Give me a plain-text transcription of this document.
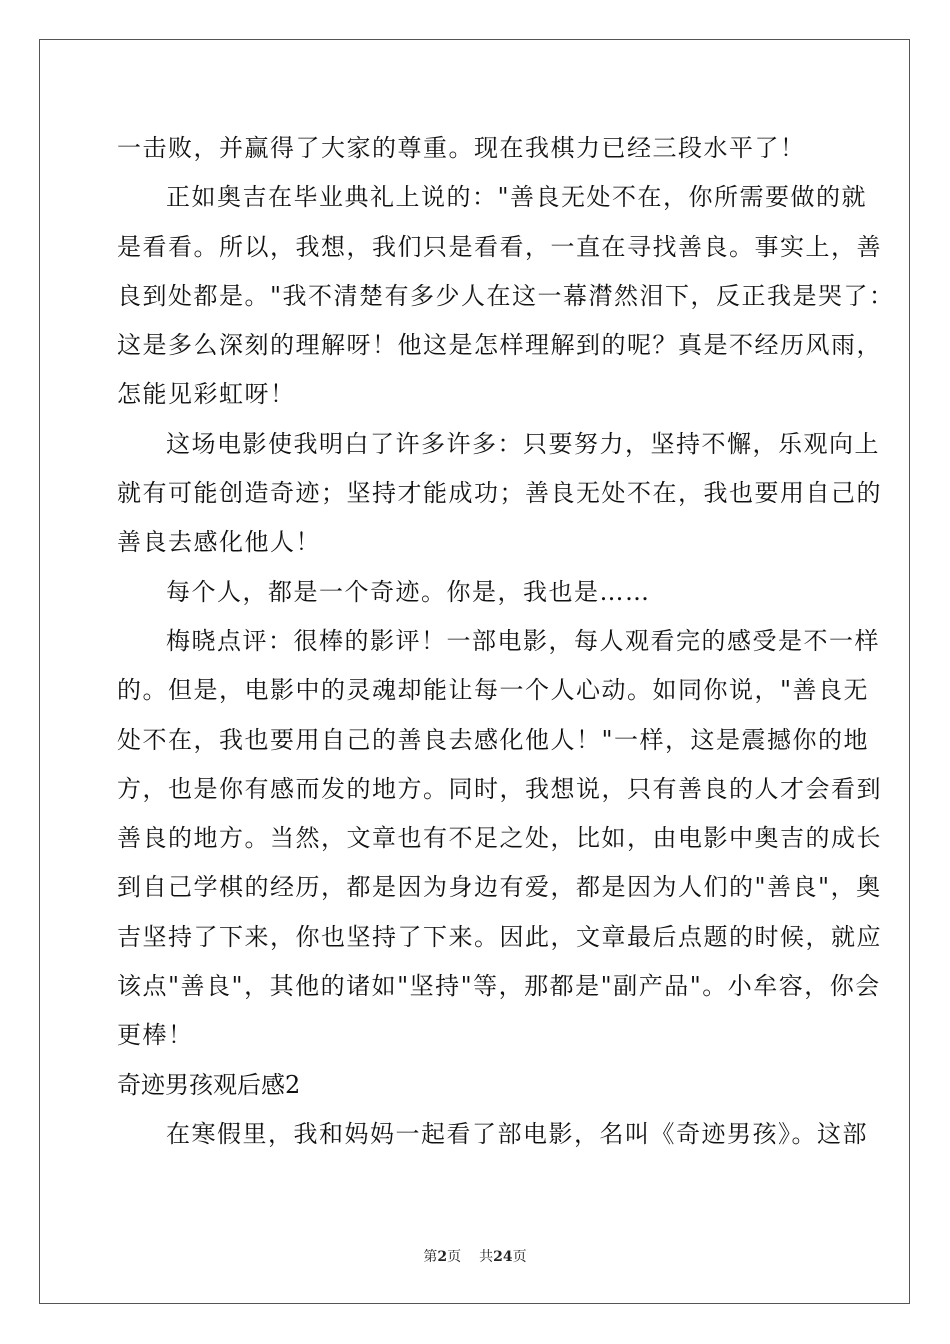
一击败，并赢得了大家的尊重。现在我棋力已经三段水平了！
正如奥吉在毕业典礼上说的："善良无处不在，你所需要做的就
是看看。所以，我想，我们只是看看，一直在寻找善良。事实上，善
良到处都是。"我不清楚有多少人在这一幕潸然泪下，反正我是哭了：
这是多么深刻的理解呀！他这是怎样理解到的呢？真是不经历风雨，
怎能见彩虹呀！
这场电影使我明白了许多许多：只要努力，坚持不懈，乐观向上
就有可能创造奇迹；坚持才能成功；善良无处不在，我也要用自己的
善良去感化他人！
每个人，都是一个奇迹。你是，我也是……
梅晓点评：很棒的影评！一部电影，每人观看完的感受是不一样
的。但是，电影中的灵魂却能让每一个人心动。如同你说，"善良无
处不在，我也要用自己的善良去感化他人！"一样，这是震撼你的地
方，也是你有感而发的地方。同时，我想说，只有善良的人才会看到
善良的地方。当然，文章也有不足之处，比如，由电影中奥吉的成长
到自己学棋的经历，都是因为身边有爱，都是因为人们的"善良"，奥
吉坚持了下来，你也坚持了下来。因此，文章最后点题的时候，就应
该点"善良"，其他的诸如"坚持"等，那都是"副产品"。小牟容，你会
更棒！
奇迹男孩观后感2
在寒假里，我和妈妈一起看了部电影，名叫《奇迹男孩》。这部
第2页 共24页
